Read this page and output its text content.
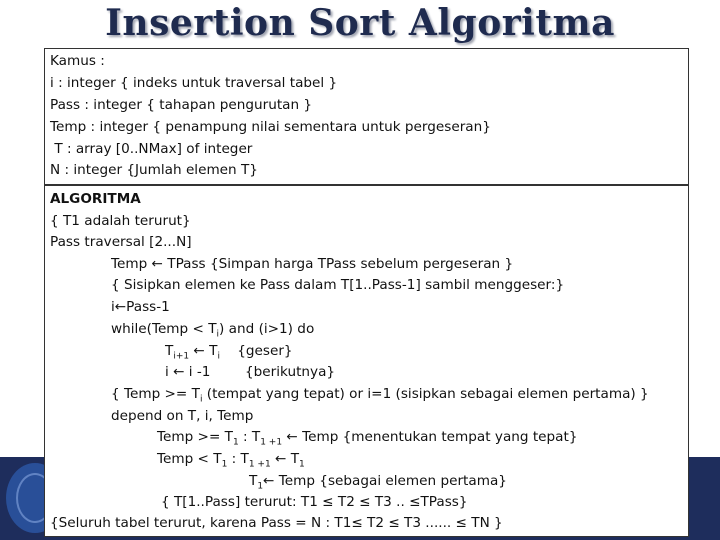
Insertion Sort Algoritma
Kamus :
i : integer { indeks untuk traversal tabel }
Pass : integer { tahapan pengurutan }
Temp : integer { penampung nilai sementara untuk pergeseran}
T : array [0..NMax] of integer
N : integer {Jumlah elemen T}
ALGORITMA
{ T1 adalah terurut}
Pass traversal [2...N]
Temp ← TPass {Simpan harga TPass sebelum pergeseran }
{ Sisipkan elemen ke Pass dalam T[1..Pass-1] sambil menggeser:}
i←Pass-1
while(Temp < $T_i$) and (i>1) do
$T_{i+1}$ ← $T_i$    {geser}
i ← i -1        {berikutnya}
{ Temp >= $T_i$ (tempat yang tepat) or i=1 (sisipkan sebagai elemen pertama) }
depend on T, i, Temp
Temp >= $T_1$ : $T_{1 +1}$ ← Temp {menentukan tempat yang tepat}
Temp < $T_1$ : $T_{1 +1}$ ← $T_1$
$T_1\leftarrow$ Temp {sebagai elemen pertama}
{ T[1..Pass] terurut: T1 ≤ T2 ≤ T3 .. ≤TPass}
{Seluruh tabel terurut, karena Pass = N : T1≤ T2 ≤ T3 ...... ≤ TN }
